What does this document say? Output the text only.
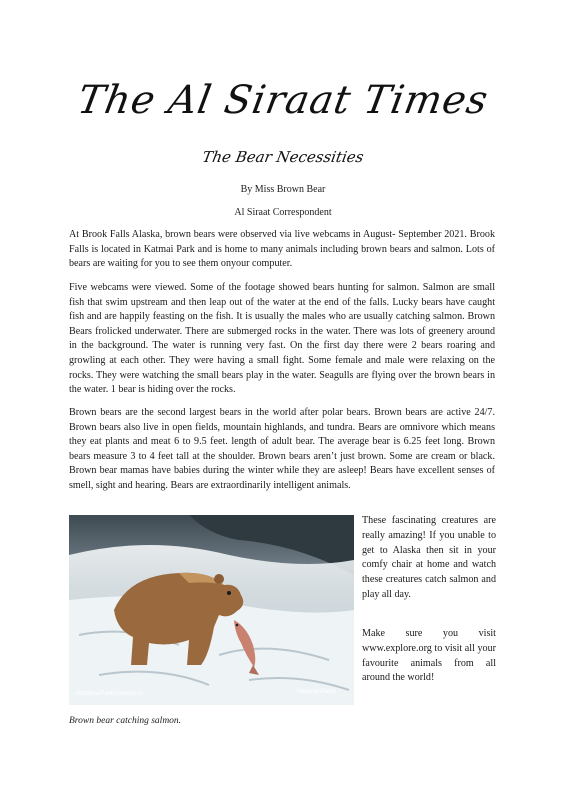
The Al Siraat Times
The Bear Necessities
By Miss Brown Bear
Al Siraat Correspondent

At Brook Falls Alaska, brown bears were observed via live webcams in August- September 2021. Brook Falls is located in Katmai Park and is home to many animals including brown bears and salmon. Lots of bears are waiting for you to see them onyour computer.

Five webcams were viewed. Some of the footage showed bears hunting for salmon. Salmon are small fish that swim upstream and then leap out of the water at the end of the falls. Lucky bears have caught fish and are happily feasting on the fish. It is usually the males who are usually catching salmon. Brown Bears frolicked underwater. There are submerged rocks in the water. There was lots of greenery around in the background. The water is running very fast. On the first day there were 2 bears roaring and growling at each other. They were having a small fight. Some female and male were relaxing on the rocks. They were watching the small bears play in the water. Seagulls are flying over the brown bears in the water. 1 bear is hiding over the rocks.

Brown bears are the second largest bears in the world after polar bears. Brown bears are active 24/7. Brown bears also live in open fields, mountain highlands, and tundra. Bears are omnivore which means they eat plants and meat 6 to 9.5 feet. length of adult bear. The average bear is 6.25 feet long. Brown bears measure 3 to 4 feet tall at the shoulder. Brown bears aren’t just brown. Some are cream or black. Brown bear mamas have babies during the winter while they are asleep! Bears have excellent senses of smell, sight and hearing. Bears are extraordinarily intelligent animals.

#NationalParksAdventure	National Parks
Brown bear catching salmon.

These fascinating creatures are really amazing! If you unable to get to Alaska then sit in your comfy chair at home and watch these creatures catch salmon and play all day.

Make sure you visit www.explore.org to visit all your favourite animals from all around the world!
